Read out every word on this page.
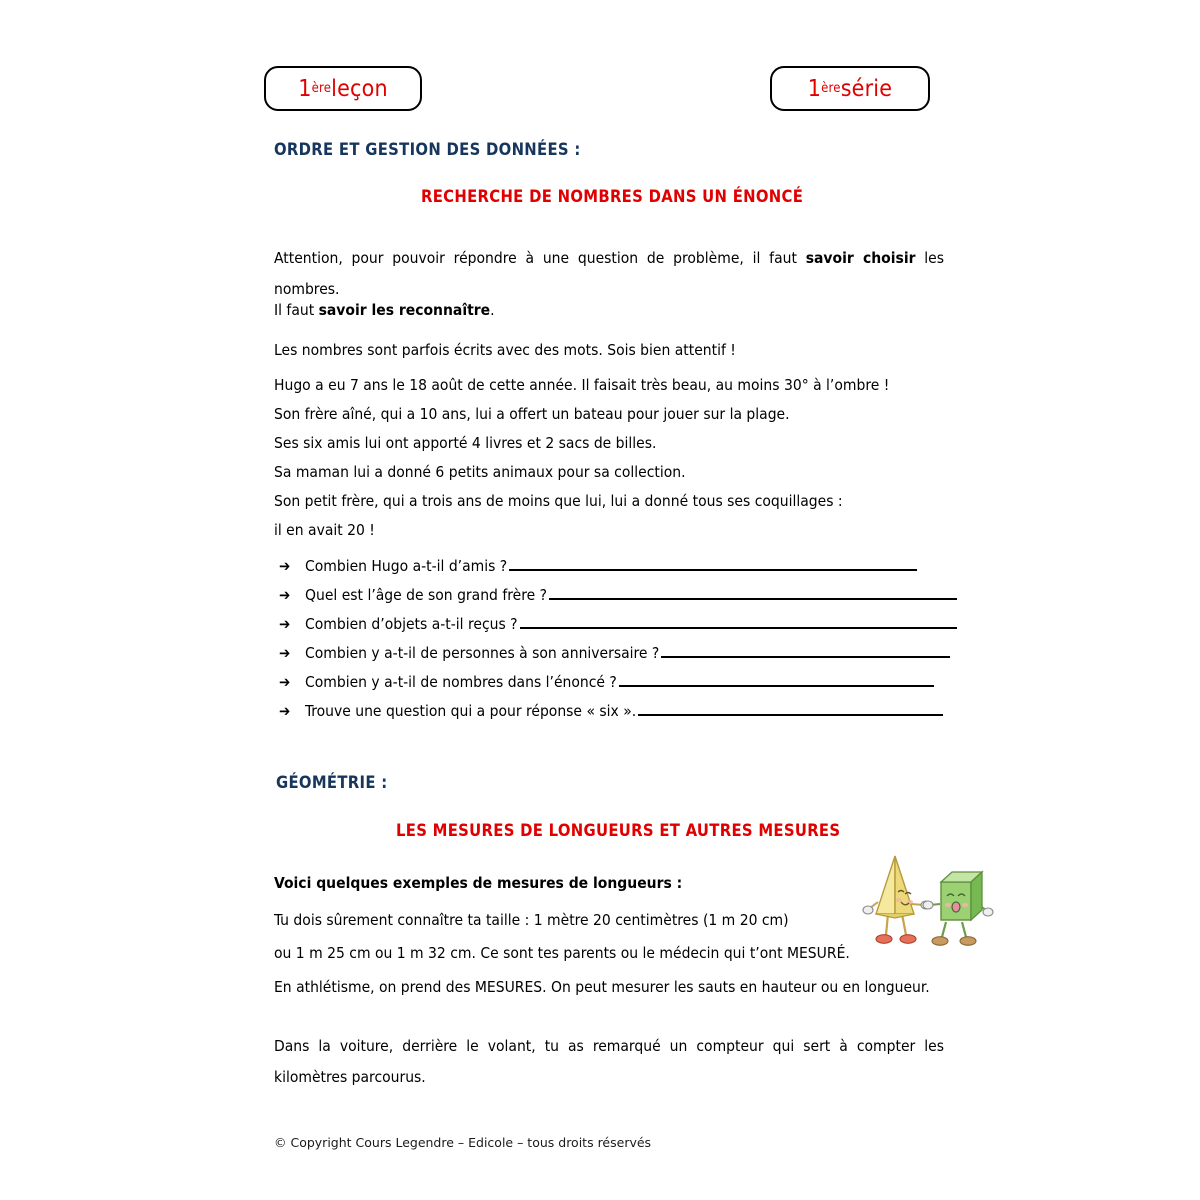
1 ère leçon	1 ère série
ORDRE ET GESTION DES DONNÉES :
RECHERCHE DE NOMBRES DANS UN ÉNONCÉ
Attention, pour pouvoir répondre à une question de problème, il faut savoir choisir les nombres.
Il faut savoir les reconnaître.
Les nombres sont parfois écrits avec des mots. Sois bien attentif !
Hugo a eu 7 ans le 18 août de cette année. Il faisait très beau, au moins 30° à l’ombre !
Son frère aîné, qui a 10 ans, lui a offert un bateau pour jouer sur la plage.
Ses six amis lui ont apporté 4 livres et 2 sacs de billes.
Sa maman lui a donné 6 petits animaux pour sa collection.
Son petit frère, qui a trois ans de moins que lui, lui a donné tous ses coquillages :
il en avait 20 !
➔ Combien Hugo a-t-il d’amis ?
➔ Quel est l’âge de son grand frère ?
➔ Combien d’objets a-t-il reçus ?
➔ Combien y a-t-il de personnes à son anniversaire ?
➔ Combien y a-t-il de nombres dans l’énoncé ?
➔ Trouve une question qui a pour réponse « six ».
GÉOMÉTRIE :
LES MESURES DE LONGUEURS ET AUTRES MESURES
Voici quelques exemples de mesures de longueurs :
Tu dois sûrement connaître ta taille : 1 mètre 20 centimètres (1 m 20 cm)
ou 1 m 25 cm ou 1 m 32 cm. Ce sont tes parents ou le médecin qui t’ont MESURÉ.
En athlétisme, on prend des MESURES. On peut mesurer les sauts en hauteur ou en longueur.
Dans la voiture, derrière le volant, tu as remarqué un compteur qui sert à compter les kilomètres parcourus.
© Copyright Cours Legendre – Edicole – tous droits réservés
